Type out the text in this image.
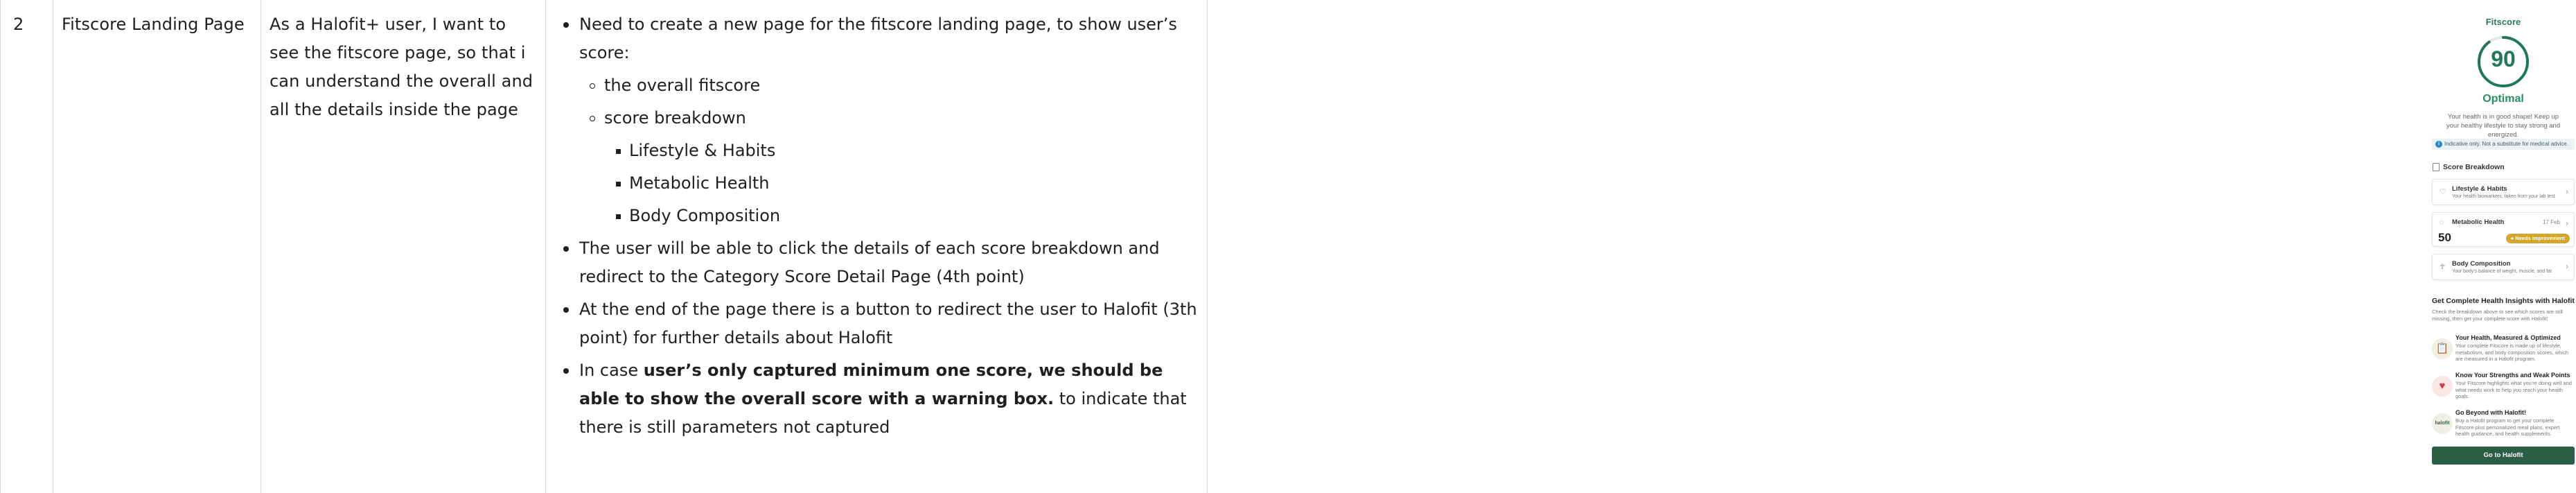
2 Fitscore Landing Page	As a Halofit+ user, I want to see the fitscore page, so that i can understand the overall and all the details inside the page
Need to create a new page for the fitscore landing page, to show user’s score:
the overall fitscore
score breakdown
Lifestyle & Habits
Metabolic Health
Body Composition
The user will be able to click the details of each score breakdown and redirect to the Category Score Detail Page (4th point)
At the end of the page there is a button to redirect the user to Halofit (3th point) for further details about Halofit
In case user’s only captured minimum one score, we should be able to show the overall score with a warning box. to indicate that there is still parameters not captured
Fitscore
90
Optimal
Your health is in good shape! Keep up your healthy lifestyle to stay strong and energized.
i Indicative only. Not a substitute for medical advice.
Score Breakdown
♡ Lifestyle & Habits
Your health biomarkers, taken from your lab test
›
◌	Metabolic Health	17 Feb ›
50	● Needs Improvement
☥	Body Composition
Your body's balance of weight, muscle, and fat
›
Get Complete Health Insights with Halofit
Check the breakdown above to see which scores are still missing, then get your complete score with Halofit!
📋
Your Health, Measured & Optimized
Your complete Fitscore is made up of lifestyle, metabolism, and body composition scores, which are measured in a Halofit program.
♥
Know Your Strengths and Weak Points
Your Fitscore highlights what you're doing well and what needs work to help you reach your health goals.
halofit
Go Beyond with Halofit!
Buy a Halofit program to get your complete Fitscore plus personalized meal plans, expert health guidance, and health supplements.
Go to Halofit
